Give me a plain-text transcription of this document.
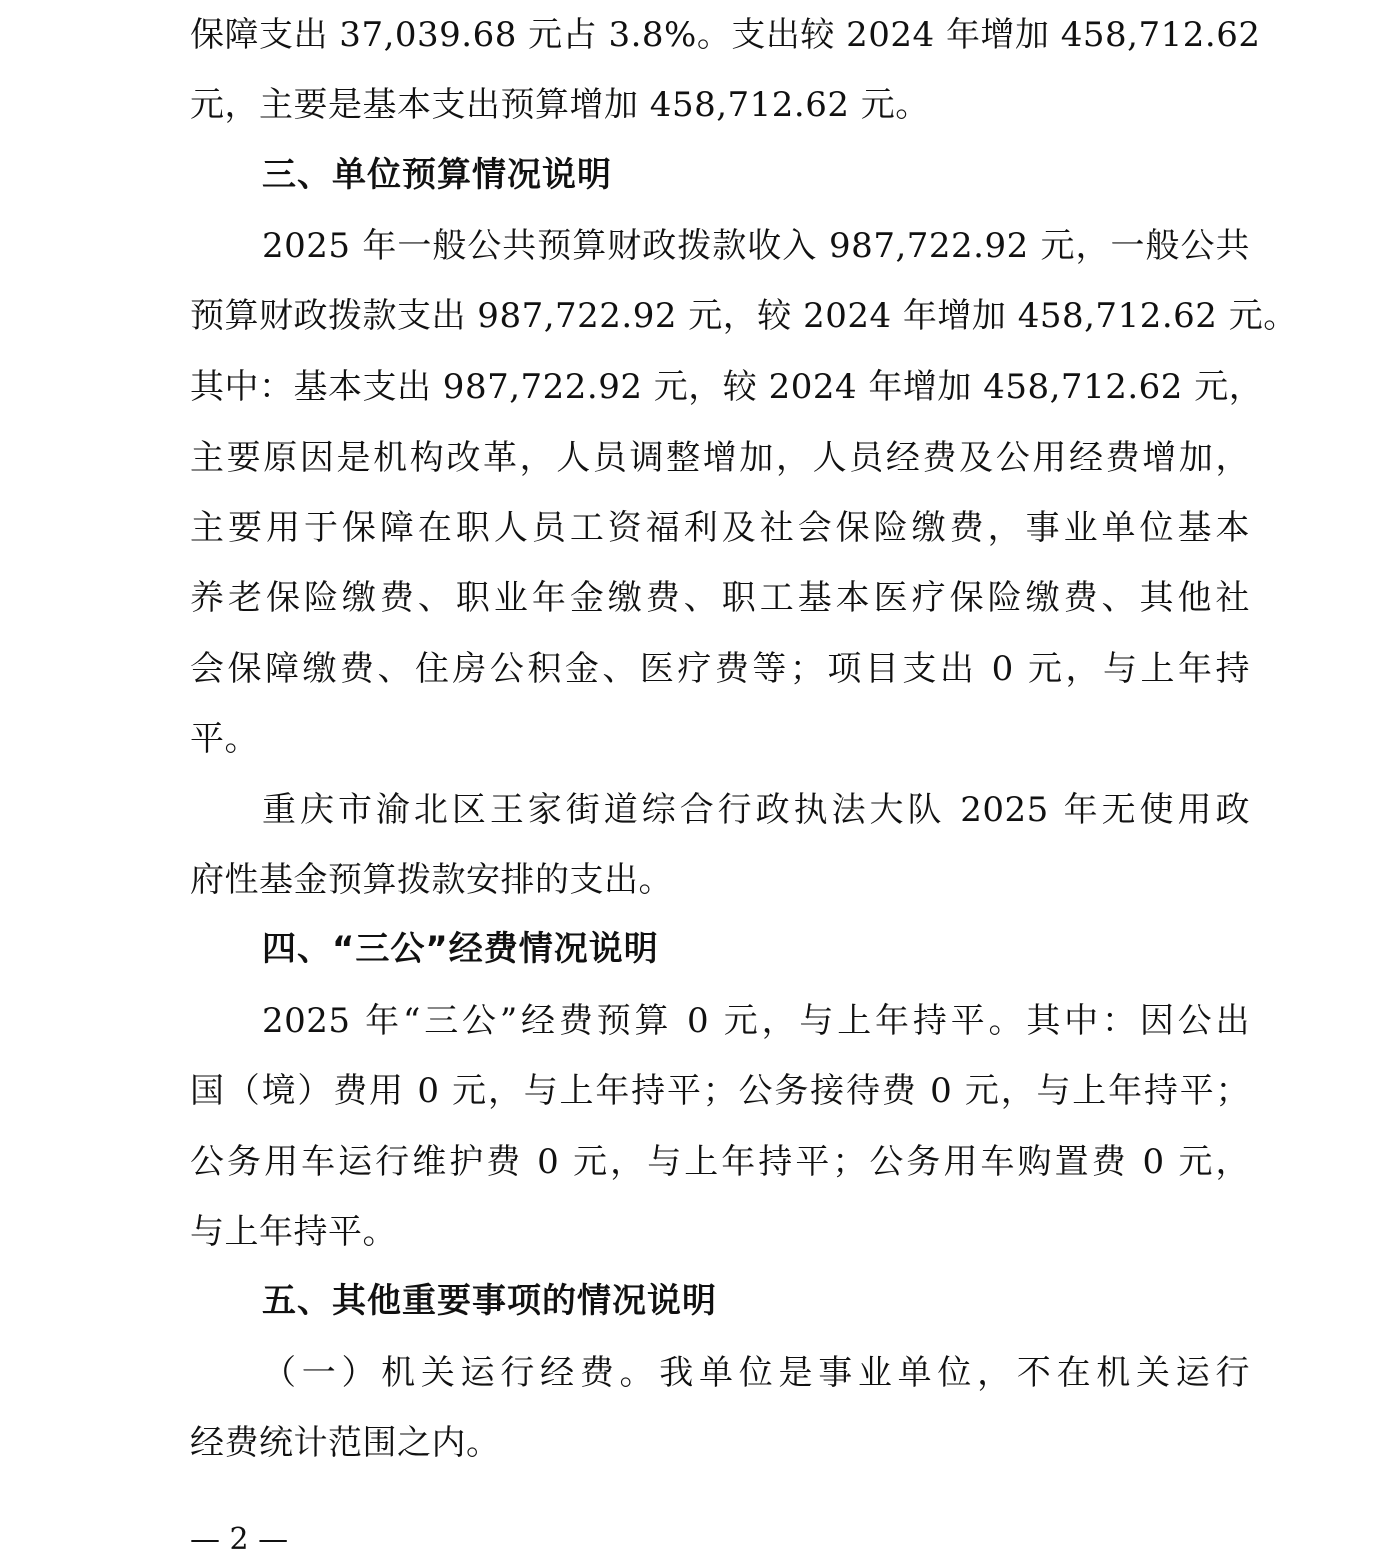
保障支出 37,039.68 元占 3.8%。支出较 2024 年增加 458,712.62
元，主要是基本支出预算增加 458,712.62 元。
三、单位预算情况说明
2025 年一般公共预算财政拨款收入 987,722.92 元，一般公共
预算财政拨款支出 987,722.92 元，较 2024 年增加 458,712.62 元。
其中：基本支出 987,722.92 元，较 2024 年增加 458,712.62 元，
主要原因是机构改革，人员调整增加，人员经费及公用经费增加，
主要用于保障在职人员工资福利及社会保险缴费，事业单位基本
养老保险缴费、职业年金缴费、职工基本医疗保险缴费、其他社
会保障缴费、住房公积金、医疗费等；项目支出 0 元，与上年持
平。
重庆市渝北区王家街道综合行政执法大队 2025 年无使用政
府性基金预算拨款安排的支出。
四、“三公”经费情况说明
2025 年“三公”经费预算 0 元，与上年持平。其中：因公出
国（境）费用 0 元，与上年持平；公务接待费 0 元，与上年持平；
公务用车运行维护费 0 元，与上年持平；公务用车购置费 0 元，
与上年持平。
五、其他重要事项的情况说明
（一）机关运行经费。我单位是事业单位，不在机关运行
经费统计范围之内。
— 2 —
